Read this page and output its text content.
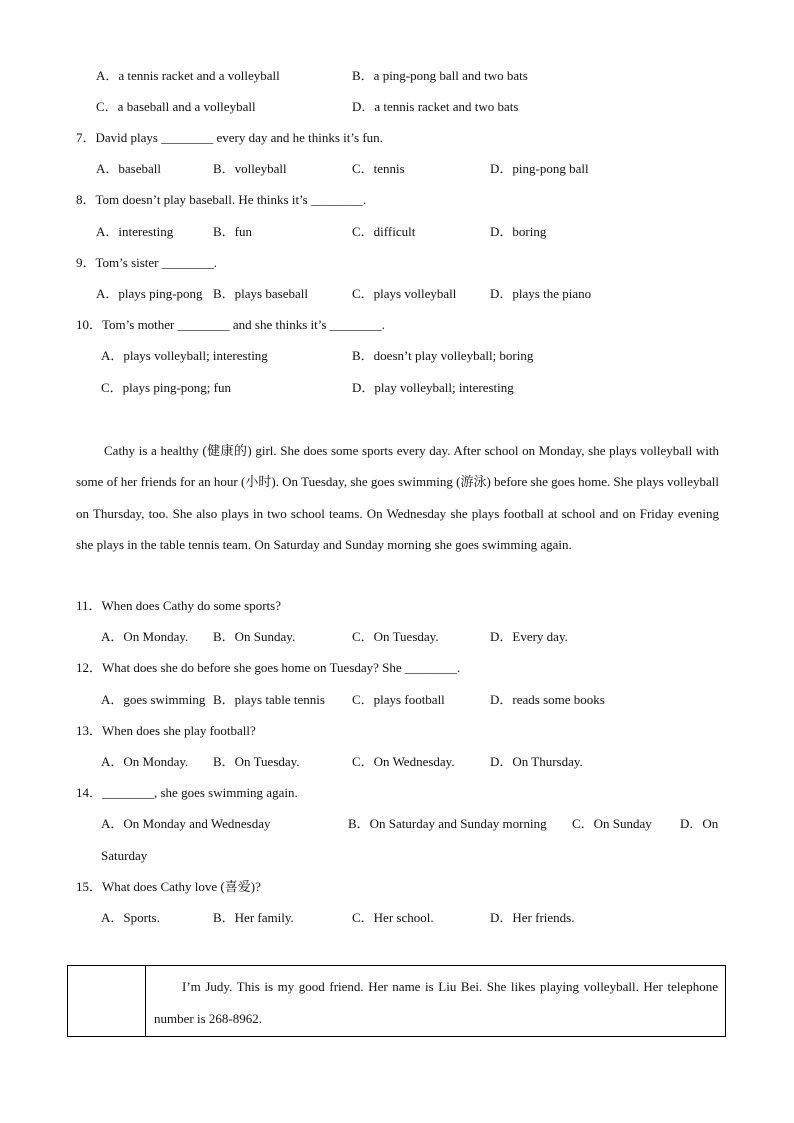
A．a tennis racket and a volleyball	B．a ping-pong ball and two bats
C．a baseball and a volleyball	D．a tennis racket and two bats
7．David plays ________ every day and he thinks it’s fun.
A．baseball	B．volleyball	C．tennis	D．ping-pong ball
8．Tom doesn’t play baseball. He thinks it’s ________.
A．interesting	B．fun	C．difficult	D．boring
9．Tom’s sister ________.
A．plays ping-pong B．plays baseball	C．plays volleyball	D．plays the piano
10．Tom’s mother ________ and she thinks it’s ________.
A．plays volleyball; interesting	B．doesn’t play volleyball; boring
C．plays ping-pong; fun	D．play volleyball; interesting

Cathy is a healthy (健康的) girl. She does some sports every day. After school on Monday, she plays volleyball with some of her friends for an hour (小时). On Tuesday, she goes swimming (游泳) before she goes home. She plays volleyball on Thursday, too. She also plays in two school teams. On Wednesday she plays football at school and on Friday evening she plays in the table tennis team. On Saturday and Sunday morning she goes swimming again.

11．When does Cathy do some sports?
A．On Monday. B．On Sunday.	C．On Tuesday.	D．Every day.
12．What does she do before she goes home on Tuesday? She ________.
A．goes swimming B．plays table tennis C．plays football	D．reads some books
13．When does she play football?
A．On Monday. B．On Tuesday.	C．On Wednesday.	D．On Thursday.
14．________, she goes swimming again.
A．On Monday and Wednesday	B．On Saturday and Sunday morning C．On Sunday D．On
Saturday
15．What does Cathy love (喜爱)?
A．Sports.	B．Her family.	C．Her school.	D．Her friends.

I’m Judy. This is my good friend. Her name is Liu Bei. She likes playing volleyball. Her telephone number is 268-8962.
